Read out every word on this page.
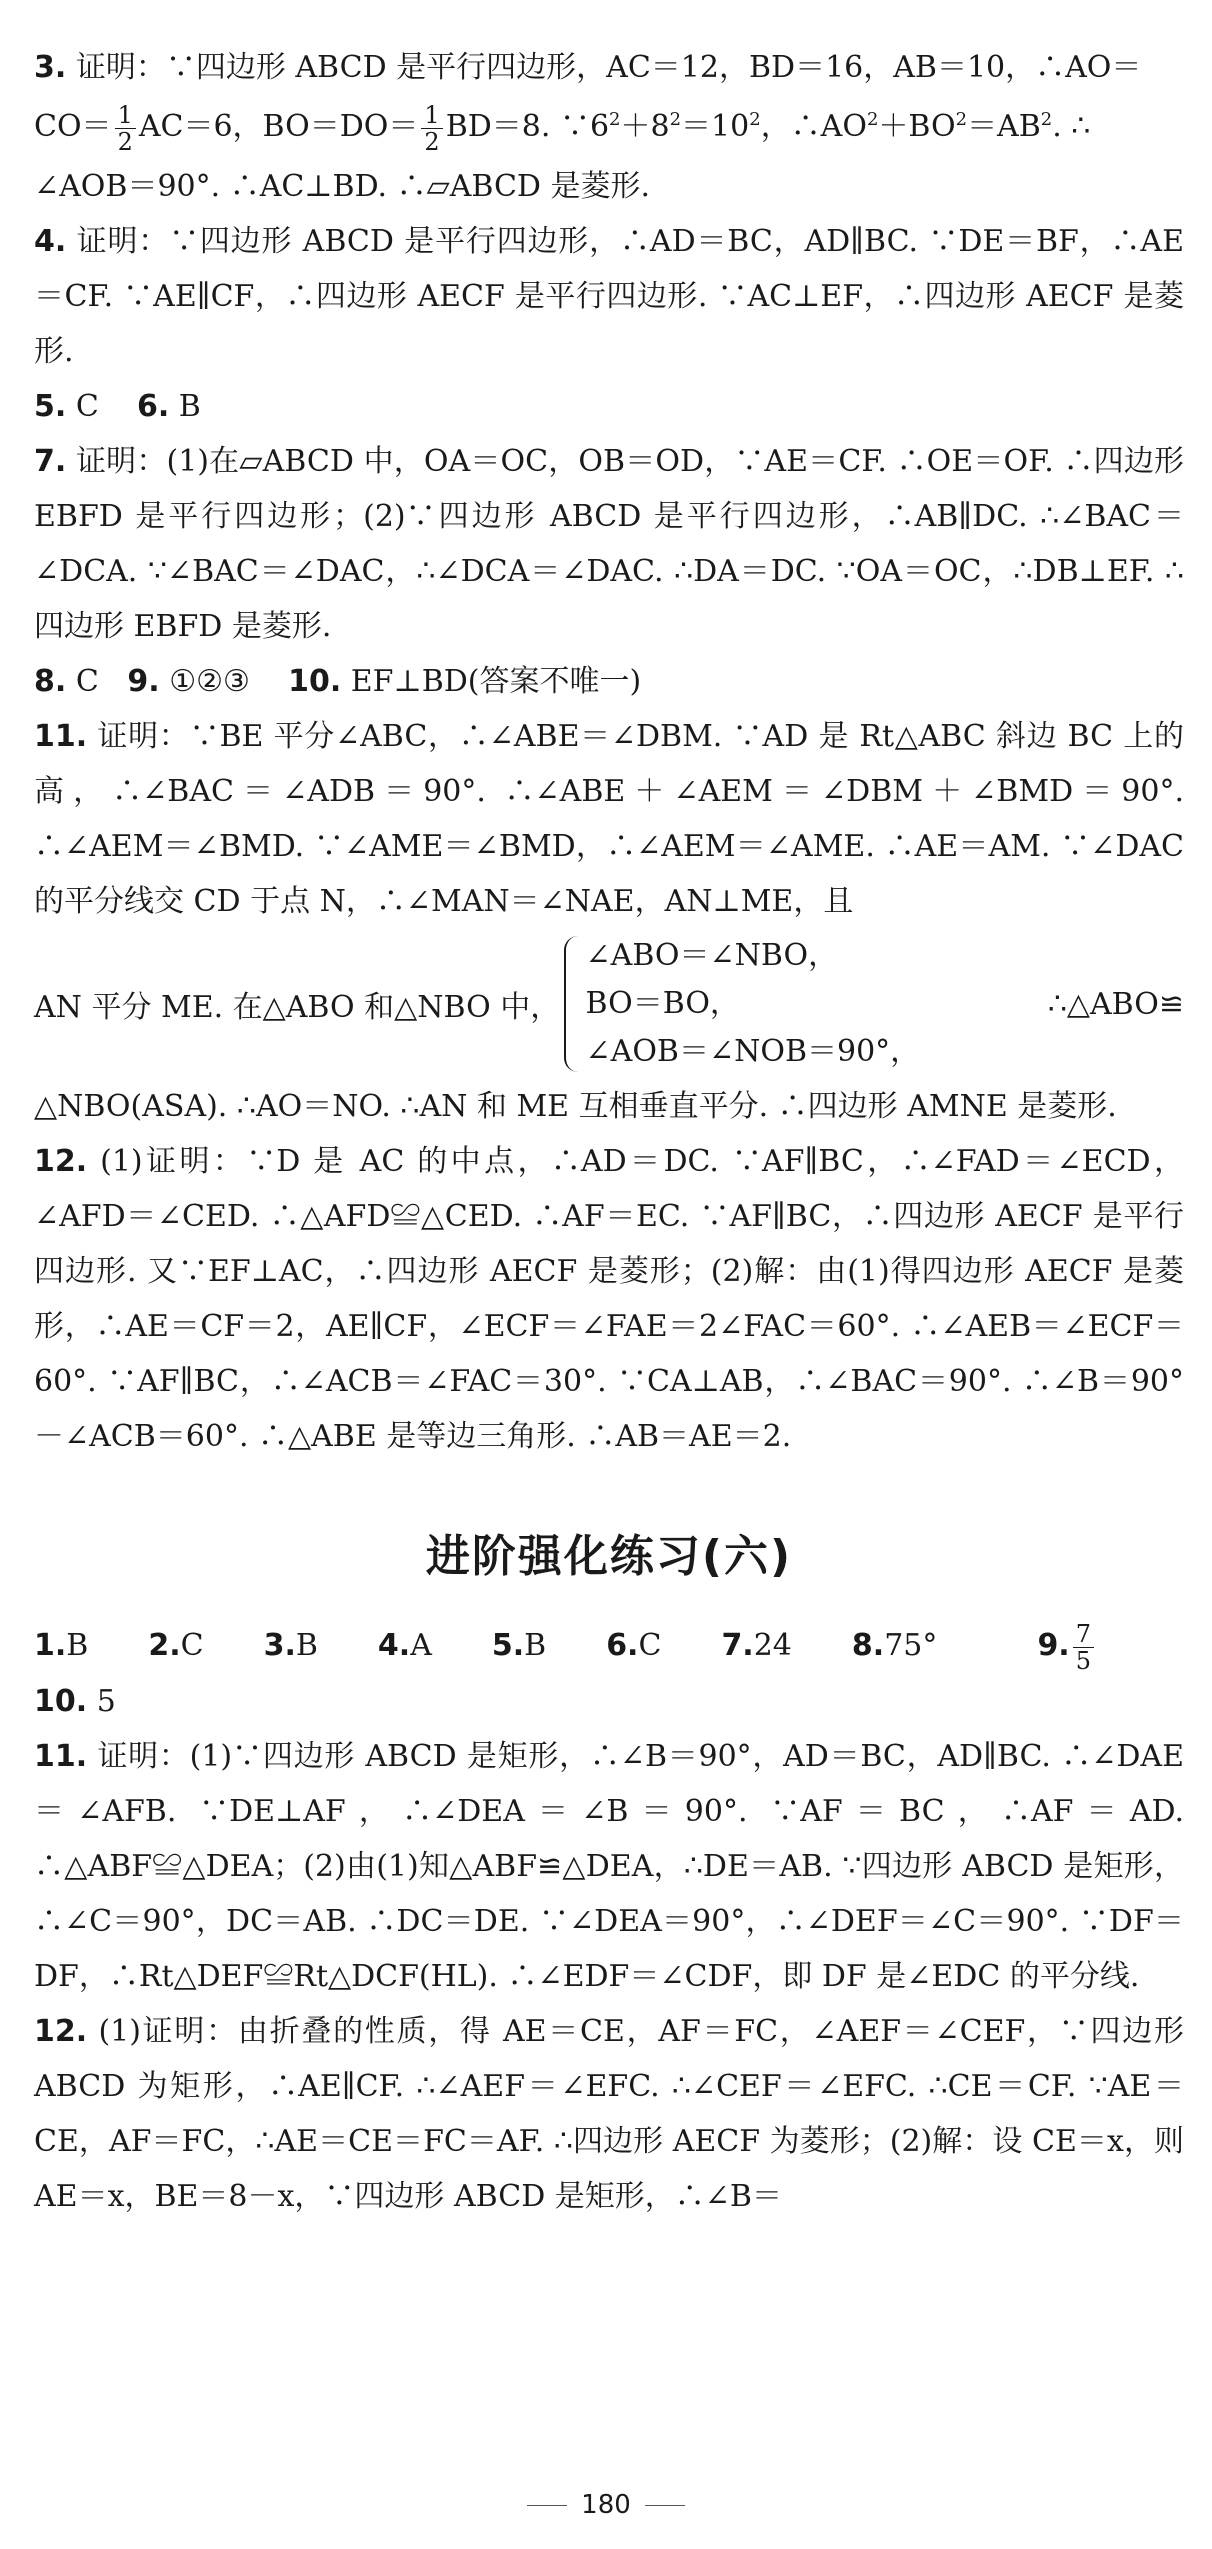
3. 证明：∵四边形 ABCD 是平行四边形，AC＝12，BD＝16，AB＝10，∴AO＝

$CO= \frac{1}{2} AC=6$，$BO=DO= \frac{1}{2} BD=8$. $\because 6^2+8^2=10^2$，$\therefore AO^2+BO^2=AB^2$. ∴

∠AOB＝90°. ∴AC⊥BD. ∴▱ABCD 是菱形.

4. 证明：∵四边形 ABCD 是平行四边形，∴AD＝BC，AD∥BC. ∵DE＝BF，∴AE＝CF. ∵AE∥CF，∴四边形 AECF 是平行四边形. ∵AC⊥EF，∴四边形 AECF 是菱形.

5. C 6. B

7. 证明：(1)在▱ABCD 中，OA＝OC，OB＝OD，∵AE＝CF. ∴OE＝OF. ∴四边形 EBFD 是平行四边形；(2)∵四边形 ABCD 是平行四边形，∴AB∥DC. ∴∠BAC＝∠DCA. ∵∠BAC＝∠DAC，∴∠DCA＝∠DAC. ∴DA＝DC. ∵OA＝OC，∴DB⊥EF. ∴四边形 EBFD 是菱形.

8. C 9. ①②③ 10. EF⊥BD(答案不唯一)

11. 证明：∵BE 平分∠ABC，∴∠ABE＝∠DBM. ∵AD 是 Rt△ABC 斜边 BC 上的高，∴∠BAC＝∠ADB＝90°. ∴∠ABE＋∠AEM＝∠DBM＋∠BMD＝90°. ∴∠AEM＝∠BMD. ∵∠AME＝∠BMD，∴∠AEM＝∠AME. ∴AE＝AM. ∵∠DAC 的平分线交 CD 于点 N，∴∠MAN＝∠NAE，AN⊥ME，且

AN 平分 ME. 在△ABO 和△NBO 中，
∠ABO＝∠NBO，
BO＝BO，
∠AOB＝∠NOB＝90°，
∴△ABO≌

△NBO(ASA). ∴AO＝NO. ∴AN 和 ME 互相垂直平分. ∴四边形 AMNE 是菱形.

12. (1)证明：∵D 是 AC 的中点，∴AD＝DC. ∵AF∥BC，∴∠FAD＝∠ECD，∠AFD＝∠CED. ∴△AFD≌△CED. ∴AF＝EC. ∵AF∥BC，∴四边形 AECF 是平行四边形. 又∵EF⊥AC，∴四边形 AECF 是菱形；(2)解：由(1)得四边形 AECF 是菱形，∴AE＝CF＝2，AE∥CF，∠ECF＝∠FAE＝2∠FAC＝60°. ∴∠AEB＝∠ECF＝60°. ∵AF∥BC，∴∠ACB＝∠FAC＝30°. ∵CA⊥AB，∴∠BAC＝90°. ∴∠B＝90°－∠ACB＝60°. ∴△ABE 是等边三角形. ∴AB＝AE＝2.

进阶强化练习(六)

1.B 2.C 3.B 4.A 5.B 6.C 7.24 8.75°	9. $\frac{7}{5}$
10. 5

11. 证明：(1)∵四边形 ABCD 是矩形，∴∠B＝90°，AD＝BC，AD∥BC. ∴∠DAE＝∠AFB. ∵DE⊥AF，∴∠DEA＝∠B＝90°. ∵AF＝BC，∴AF＝AD. ∴△ABF≌△DEA；(2)由(1)知△ABF≌△DEA，∴DE＝AB. ∵四边形 ABCD 是矩形，∴∠C＝90°，DC＝AB. ∴DC＝DE. ∵∠DEA＝90°，∴∠DEF＝∠C＝90°. ∵DF＝DF，∴Rt△DEF≌Rt△DCF(HL). ∴∠EDF＝∠CDF，即 DF 是∠EDC 的平分线.

12. (1)证明：由折叠的性质，得 AE＝CE，AF＝FC，∠AEF＝∠CEF，∵四边形 ABCD 为矩形，∴AE∥CF. ∴∠AEF＝∠EFC. ∴∠CEF＝∠EFC. ∴CE＝CF. ∵AE＝CE，AF＝FC，∴AE＝CE＝FC＝AF. ∴四边形 AECF 为菱形；(2)解：设 CE＝x，则 AE＝x，BE＝8－x，∵四边形 ABCD 是矩形，∴∠B＝

180
